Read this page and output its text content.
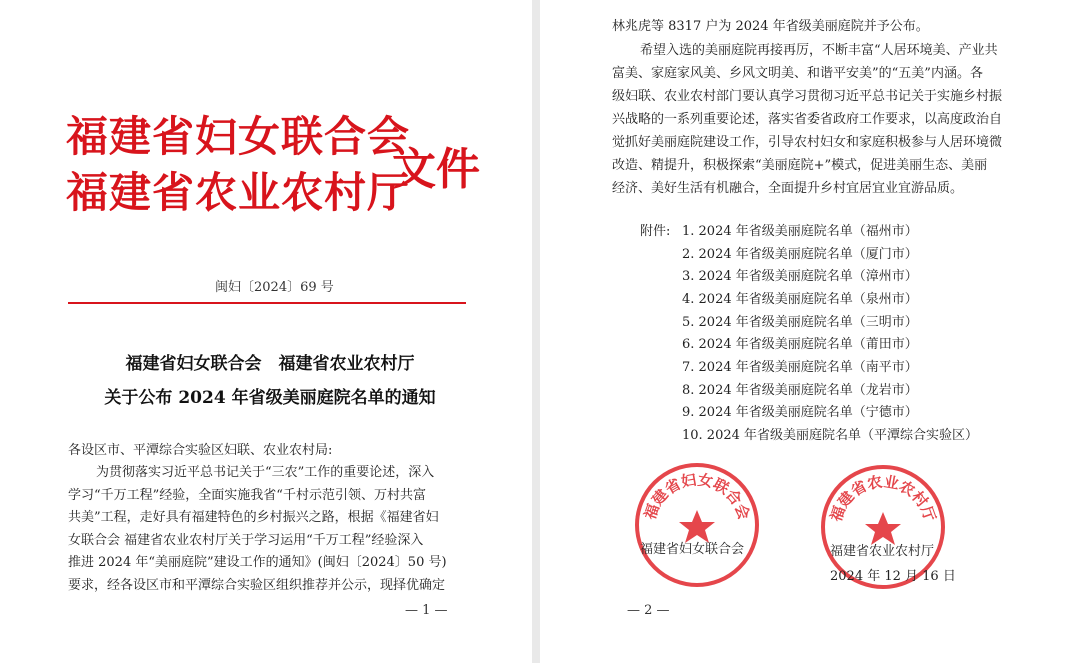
福建省妇女联合会
福建省农业农村厅
文件
闽妇〔2024〕69 号
福建省妇女联合会　福建省农业农村厅
关于公布 2024 年省级美丽庭院名单的通知
各设区市、平潭综合实验区妇联、农业农村局:
为贯彻落实习近平总书记关于“三农”工作的重要论述，深入
学习“千万工程”经验，全面实施我省“千村示范引领、万村共富
共美”工程，走好具有福建特色的乡村振兴之路，根据《福建省妇
女联合会 福建省农业农村厅关于学习运用“千万工程”经验深入
推进 2024 年“美丽庭院”建设工作的通知》(闽妇〔2024〕50 号)
要求，经各设区市和平潭综合实验区组织推荐并公示，现择优确定
— 1 —
林兆虎等 8317 户为 2024 年省级美丽庭院并予公布。
希望入选的美丽庭院再接再厉，不断丰富“人居环境美、产业共
富美、家庭家风美、乡风文明美、和谐平安美”的“五美”内涵。各
级妇联、农业农村部门要认真学习贯彻习近平总书记关于实施乡村振
兴战略的一系列重要论述，落实省委省政府工作要求，以高度政治自
觉抓好美丽庭院建设工作，引导农村妇女和家庭积极参与人居环境微
改造、精提升，积极探索“美丽庭院+”模式，促进美丽生态、美丽
经济、美好生活有机融合，全面提升乡村宜居宜业宜游品质。
附件: 1. 2024 年省级美丽庭院名单（福州市）
2. 2024 年省级美丽庭院名单（厦门市）
3. 2024 年省级美丽庭院名单（漳州市）
4. 2024 年省级美丽庭院名单（泉州市）
5. 2024 年省级美丽庭院名单（三明市）
6. 2024 年省级美丽庭院名单（莆田市）
7. 2024 年省级美丽庭院名单（南平市）
8. 2024 年省级美丽庭院名单（龙岩市）
9. 2024 年省级美丽庭院名单（宁德市）
10. 2024 年省级美丽庭院名单（平潭综合实验区）
福建省妇女联合会
福建省妇女联合会
福建省农业农村厅
福建省农业农村厅
2024 年 12 月 16 日
— 2 —
